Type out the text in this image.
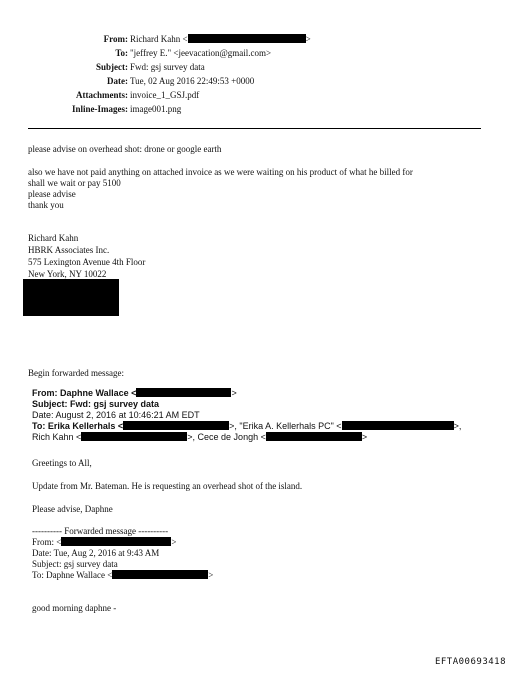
From: Richard Kahn <	>
To: "jeffrey E." <jeevacation@gmail.com>
Subject: Fwd: gsj survey data
Date: Tue, 02 Aug 2016 22:49:53 +0000
Attachments: invoice_1_GSJ.pdf
Inline-Images: image001.png
please advise on overhead shot: drone or google earth
also we have not paid anything on attached invoice as we were waiting on his product of what he billed for
shall we wait or pay 5100
please advise
thank you
Richard Kahn
HBRK Associates Inc.
575 Lexington Avenue 4th Floor
New York, NY 10022
Begin forwarded message:
From: Daphne Wallace <	>
Subject: Fwd: gsj survey data
Date: August 2, 2016 at 10:46:21 AM EDT
To: Erika Kellerhals <	>, "Erika A. Kellerhals PC" <	>,
Rich Kahn <	>, Cece de Jongh <	>
Greetings to All,
Update from Mr. Bateman. He is requesting an overhead shot of the island.
Please advise, Daphne
---------- Forwarded message ----------
From: <	>
Date: Tue, Aug 2, 2016 at 9:43 AM
Subject: gsj survey data
To: Daphne Wallace <	>
good morning daphne -
EFTA00693418
